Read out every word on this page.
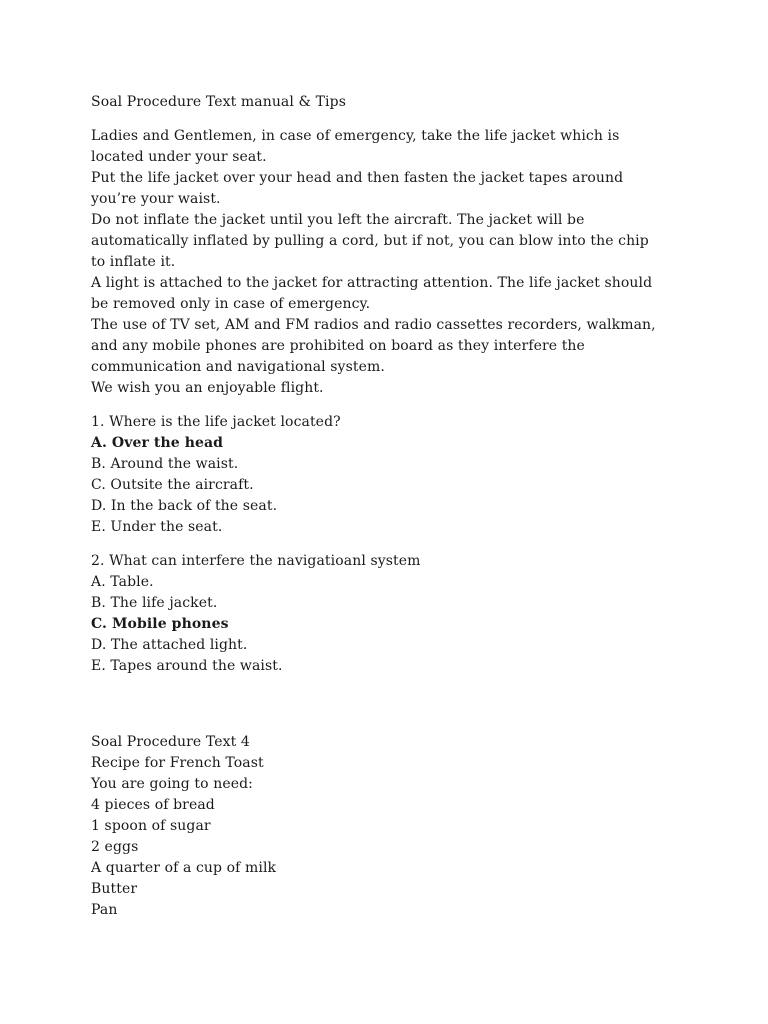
Soal Procedure Text manual & Tips
Ladies and Gentlemen, in case of emergency, take the life jacket which is
located under your seat.
Put the life jacket over your head and then fasten the jacket tapes around
you’re your waist.
Do not inflate the jacket until you left the aircraft. The jacket will be
automatically inflated by pulling a cord, but if not, you can blow into the chip
to inflate it.
A light is attached to the jacket for attracting attention. The life jacket should
be removed only in case of emergency.
The use of TV set, AM and FM radios and radio cassettes recorders, walkman,
and any mobile phones are prohibited on board as they interfere the
communication and navigational system.
We wish you an enjoyable flight.
1. Where is the life jacket located?
A. Over the head
B. Around the waist.
C. Outsite the aircraft.
D. In the back of the seat.
E. Under the seat.
2. What can interfere the navigatioanl system
A. Table.
B. The life jacket.
C. Mobile phones
D. The attached light.
E. Tapes around the waist.
Soal Procedure Text 4
Recipe for French Toast
You are going to need:
4 pieces of bread
1 spoon of sugar
2 eggs
A quarter of a cup of milk
Butter
Pan
